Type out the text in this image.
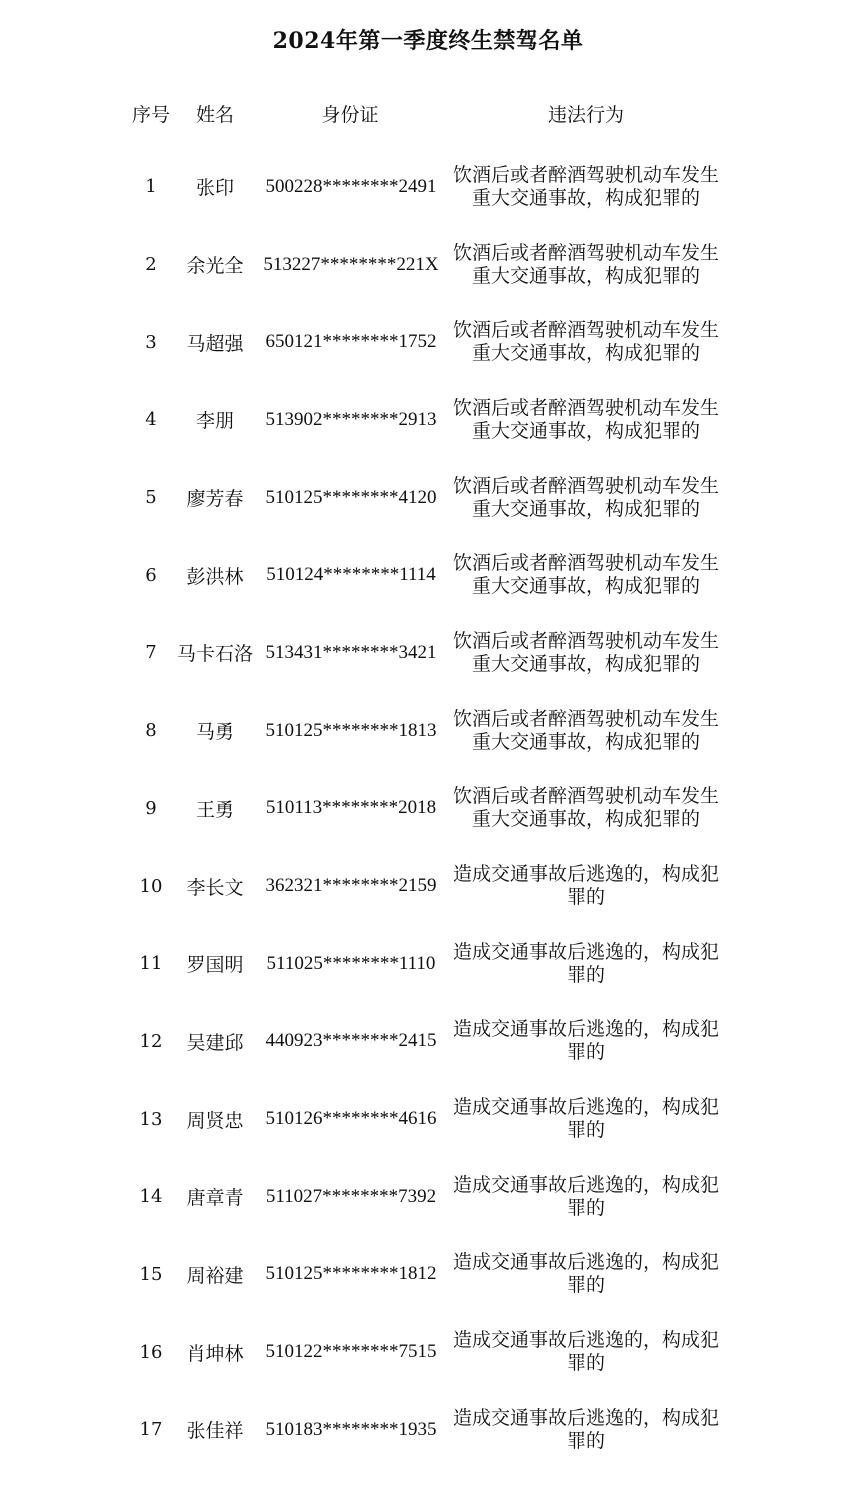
2024年第一季度终生禁驾名单
序号	姓名	身份证	违法行为
1	张印	500228********2491
饮酒后或者醉酒驾驶机动车发生重大交通事故，构成犯罪的
2	余光全	513227********221X
饮酒后或者醉酒驾驶机动车发生重大交通事故，构成犯罪的
3	马超强	650121********1752
饮酒后或者醉酒驾驶机动车发生重大交通事故，构成犯罪的
4	李朋	513902********2913
饮酒后或者醉酒驾驶机动车发生重大交通事故，构成犯罪的
5	廖芳春	510125********4120
饮酒后或者醉酒驾驶机动车发生重大交通事故，构成犯罪的
6	彭洪林	510124********1114
饮酒后或者醉酒驾驶机动车发生重大交通事故，构成犯罪的
7	马卡石洛 513431********3421
饮酒后或者醉酒驾驶机动车发生重大交通事故，构成犯罪的
8	马勇	510125********1813
饮酒后或者醉酒驾驶机动车发生重大交通事故，构成犯罪的
9	王勇	510113********2018
饮酒后或者醉酒驾驶机动车发生重大交通事故，构成犯罪的
10	李长文	362321********2159
造成交通事故后逃逸的，构成犯罪的
11	罗国明	511025********1110
造成交通事故后逃逸的，构成犯罪的
12	吴建邱	440923********2415
造成交通事故后逃逸的，构成犯罪的
13	周贤忠	510126********4616
造成交通事故后逃逸的，构成犯罪的
14	唐章青	511027********7392
造成交通事故后逃逸的，构成犯罪的
15	周裕建	510125********1812
造成交通事故后逃逸的，构成犯罪的
16	肖坤林	510122********7515
造成交通事故后逃逸的，构成犯罪的
17	张佳祥	510183********1935
造成交通事故后逃逸的，构成犯罪的
